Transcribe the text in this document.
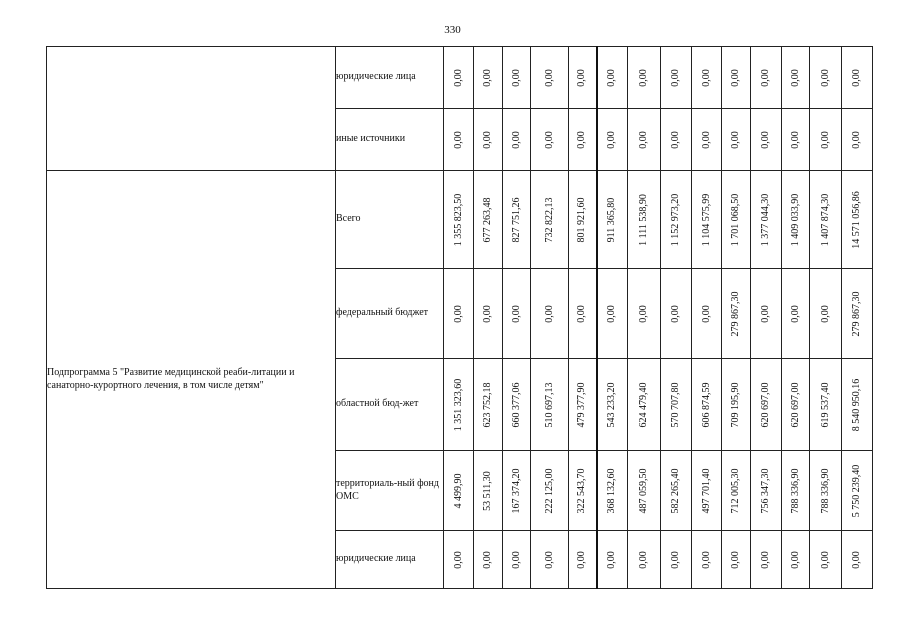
330
	юридические лица	0,00	0,00	0,00	0,00	0,00	0,00	0,00	0,00	0,00	0,00	0,00	0,00	0,00	0,00

	иные источники	0,00	0,00	0,00	0,00	0,00	0,00	0,00	0,00	0,00	0,00	0,00	0,00	0,00	0,00

Подпрограмма 5 "Развитие медицинской реаби-литации и санаторно-курортного лечения, в том числе детям"	Всего	1 355 823,50	677 263,48	827 751,26	732 822,13	801 921,60	911 365,80	1 111 538,90	1 152 973,20	1 104 575,99	1 701 068,50	1 377 044,30	1 409 033,90	1 407 874,30	14 571 056,86

	федеральный бюджет	0,00	0,00	0,00	0,00	0,00	0,00	0,00	0,00	0,00	279 867,30	0,00	0,00	0,00	279 867,30

	областной бюд-жет	1 351 323,60	623 752,18	660 377,06	510 697,13	479 377,90	543 233,20	624 479,40	570 707,80	606 874,59	709 195,90	620 697,00	620 697,00	619 537,40	8 540 950,16

	территориаль-ный фонд ОМС	4 499,90	53 511,30	167 374,20	222 125,00	322 543,70	368 132,60	487 059,50	582 265,40	497 701,40	712 005,30	756 347,30	788 336,90	788 336,90	5 750 239,40

	юридические лица	0,00	0,00	0,00	0,00	0,00	0,00	0,00	0,00	0,00	0,00	0,00	0,00	0,00	0,00
